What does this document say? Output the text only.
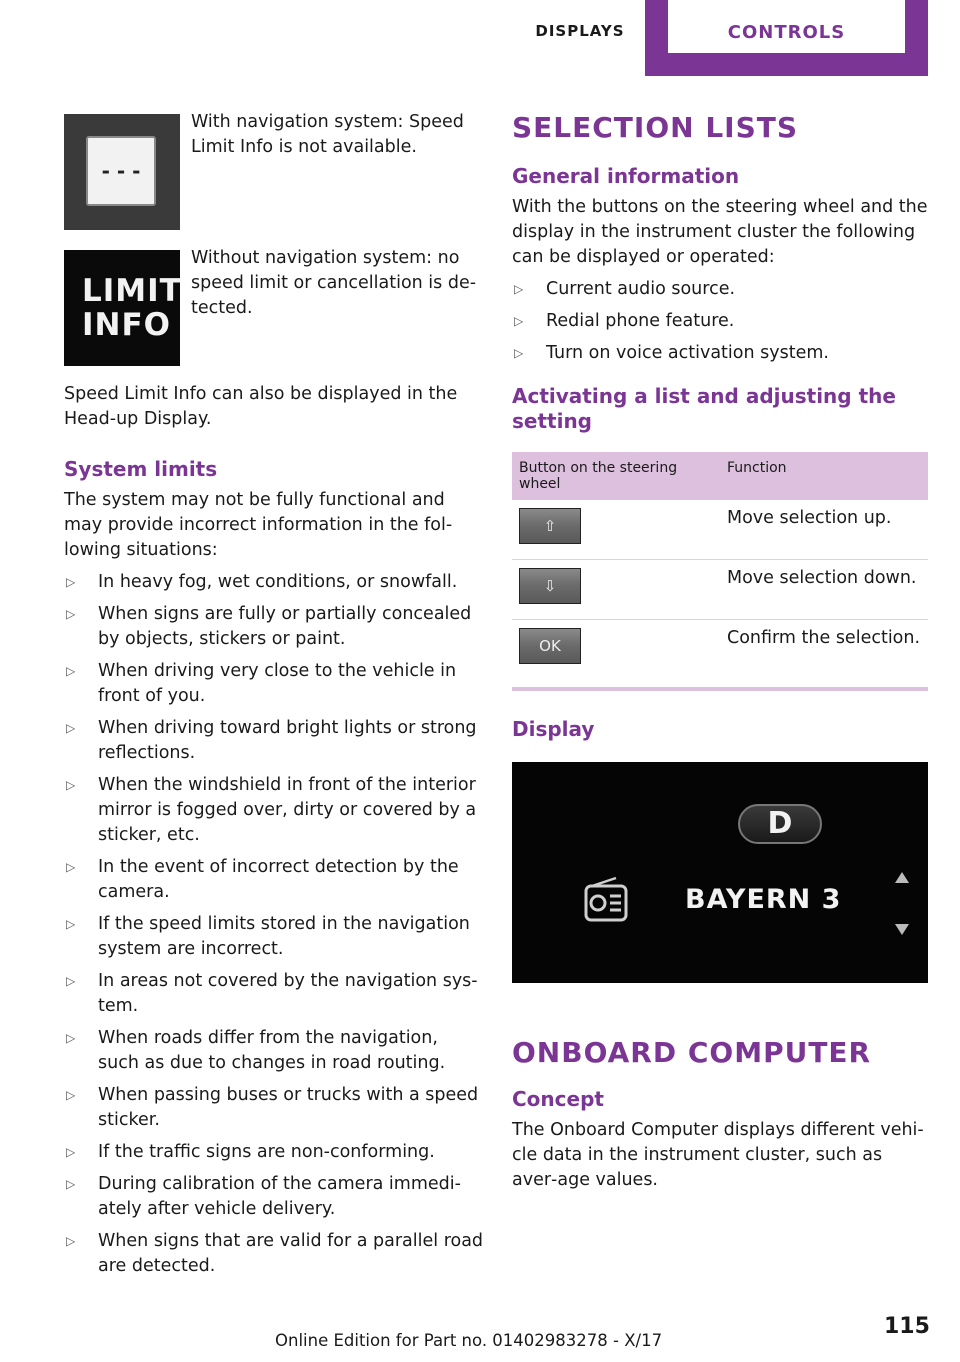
DISPLAYS	CONTROLS
- - -

With navigation system: Speed Limit Info is not available.

LIMIT
INFO

Without navigation system: no speed limit or cancellation is de‐tected.

Speed Limit Info can also be displayed in the Head-up Display.

System limits

The system may not be fully functional and may provide incorrect information in the fol‐lowing situations:

▷ In heavy fog, wet conditions, or snowfall.
▷ When signs are fully or partially concealed by objects, stickers or paint.
▷ When driving very close to the vehicle in front of you.
▷ When driving toward bright lights or strong reflections.
▷ When the windshield in front of the interior mirror is fogged over, dirty or covered by a sticker, etc.
▷ In the event of incorrect detection by the camera.
▷ If the speed limits stored in the navigation system are incorrect.
▷ In areas not covered by the navigation sys‐tem.
▷ When roads differ from the navigation, such as due to changes in road routing.
▷ When passing buses or trucks with a speed sticker.
▷ If the traffic signs are non-conforming.
▷ During calibration of the camera immedi‐ately after vehicle delivery.
▷ When signs that are valid for a parallel road are detected.
SELECTION LISTS
General information

With the buttons on the steering wheel and the display in the instrument cluster the following can be displayed or operated:

▷ Current audio source.
▷ Redial phone feature.
▷ Turn on voice activation system.
Activating a list and adjusting the setting
Button on the steering wheel	Function

⇧	Move selection up.

⇩	Move selection down.

OK	Confirm the selection.
Display
D
BAYERN 3
ONBOARD COMPUTER
Concept

The Onboard Computer displays different vehi‐cle data in the instrument cluster, such as aver‐age values.

115
Online Edition for Part no. 01402983278 - X/17
